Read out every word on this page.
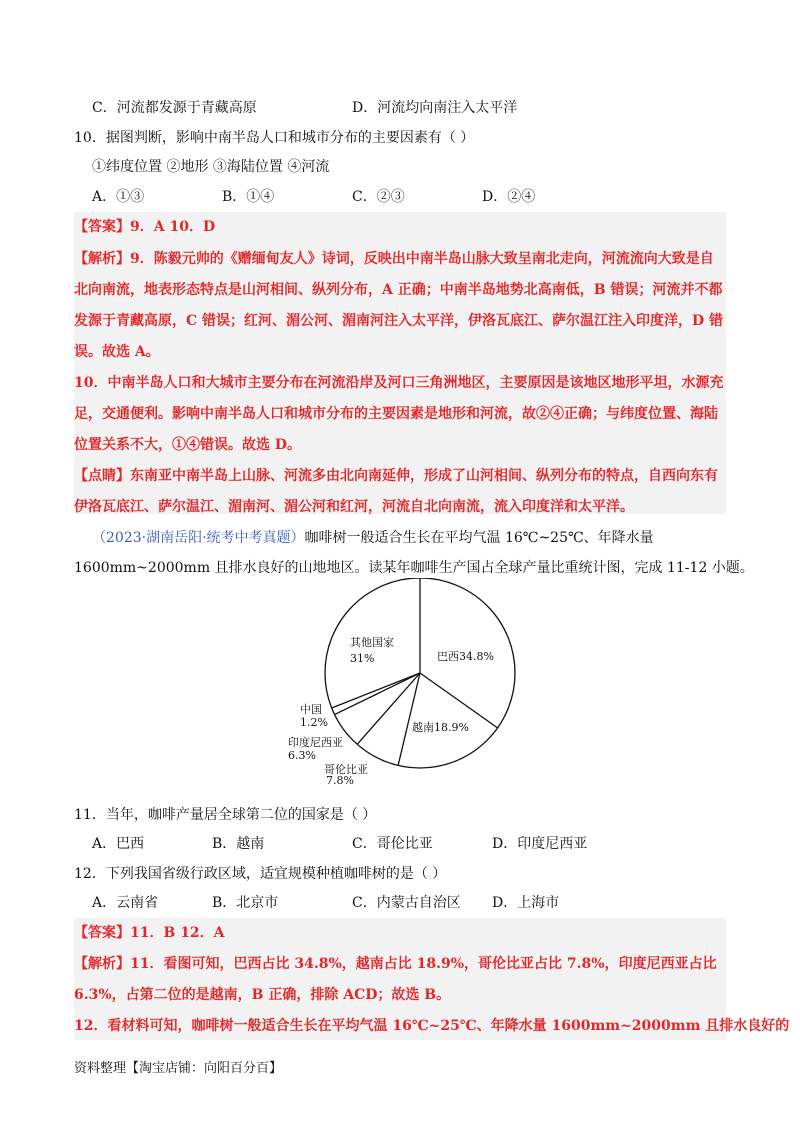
C．河流都发源于青藏高原	D．河流均向南注入太平洋
10．据图判断，影响中南半岛人口和城市分布的主要因素有（ ）
①纬度位置 ②地形 ③海陆位置 ④河流
A．①③	B．①④	C．②③	D．②④
【答案】9．A 10．D
【解析】9．陈毅元帅的《赠缅甸友人》诗词，反映出中南半岛山脉大致呈南北走向，河流流向大致是自
北向南流，地表形态特点是山河相间、纵列分布，A 正确；中南半岛地势北高南低，B 错误；河流并不都
发源于青藏高原，C 错误；红河、湄公河、湄南河注入太平洋，伊洛瓦底江、萨尔温江注入印度洋，D 错
误。故选 A。
10．中南半岛人口和大城市主要分布在河流沿岸及河口三角洲地区，主要原因是该地区地形平坦，水源充
足，交通便利。影响中南半岛人口和城市分布的主要因素是地形和河流，故②④正确；与纬度位置、海陆
位置关系不大，①④错误。故选 D。
【点睛】东南亚中南半岛上山脉、河流多由北向南延伸，形成了山河相间、纵列分布的特点，自西向东有
伊洛瓦底江、萨尔温江、湄南河、湄公河和红河，河流自北向南流，流入印度洋和太平洋。
（2023·湖南岳阳·统考中考真题）咖啡树一般适合生长在平均气温 16℃~25℃、年降水量
1600mm~2000mm 且排水良好的山地地区。读某年咖啡生产国占全球产量比重统计图，完成 11-12 小题。
巴西34.8%
越南18.9%
哥伦比亚
7.8%
印度尼西亚
6.3%
中国
1.2%
其他国家
31%
11．当年，咖啡产量居全球第二位的国家是（ ）
A．巴西	B．越南	C．哥伦比亚	D．印度尼西亚
12．下列我国省级行政区域，适宜规模种植咖啡树的是（ ）
A．云南省	B．北京市	C．内蒙古自治区 D．上海市
【答案】11．B 12．A
【解析】11．看图可知，巴西占比 34.8%，越南占比 18.9%，哥伦比亚占比 7.8%，印度尼西亚占比
6.3%，占第二位的是越南，B 正确，排除 ACD；故选 B。
12．看材料可知，咖啡树一般适合生长在平均气温 16℃~25℃、年降水量 1600mm~2000mm 且排水良好的
资料整理【淘宝店铺：向阳百分百】
